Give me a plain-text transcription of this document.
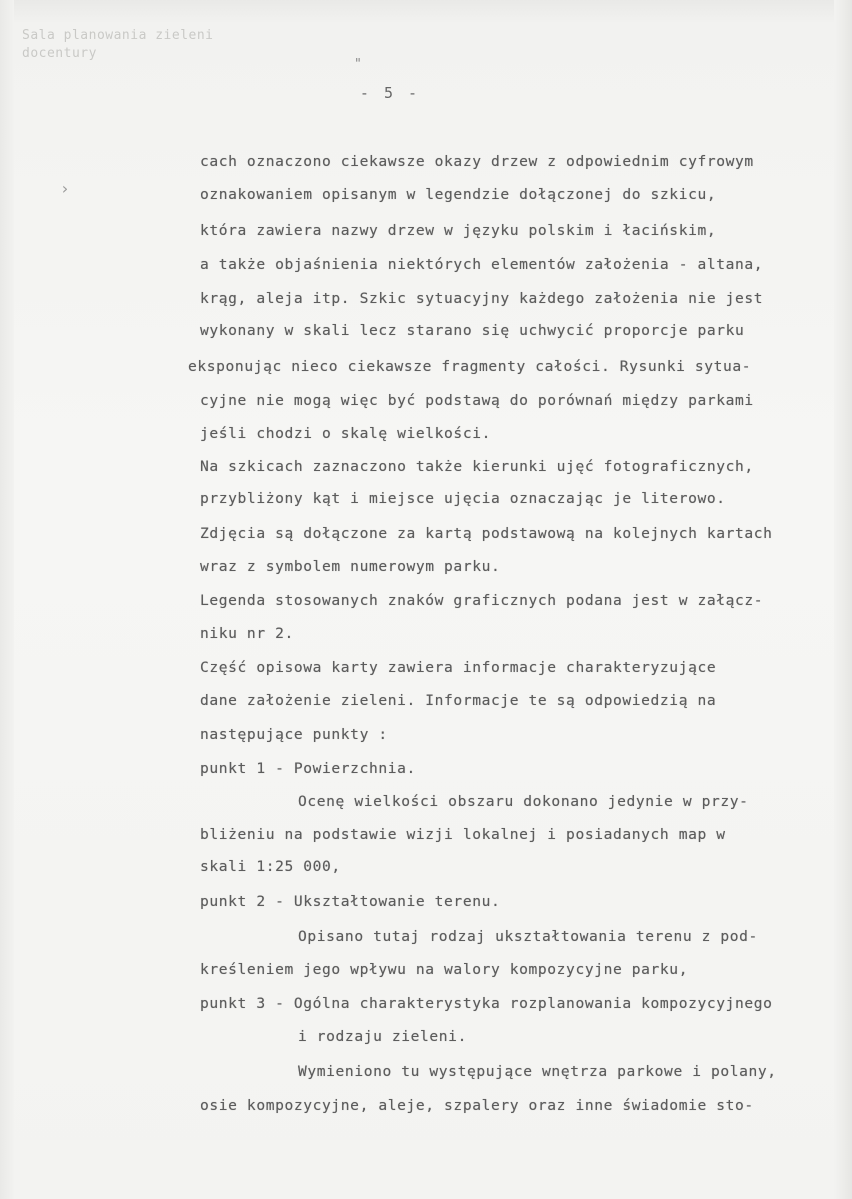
Sala planowania zieleni
docentury
"
- 5 -
›
cach oznaczono ciekawsze okazy drzew z odpowiednim cyfrowym
oznakowaniem opisanym w legendzie dołączonej do szkicu,
która zawiera nazwy drzew w języku polskim i łacińskim,
a także objaśnienia niektórych elementów założenia - altana,
krąg, aleja itp. Szkic sytuacyjny każdego założenia nie jest
wykonany w skali lecz starano się uchwycić proporcje parku
eksponując nieco ciekawsze fragmenty całości. Rysunki sytua-
cyjne nie mogą więc być podstawą do porównań między parkami
jeśli chodzi o skalę wielkości.
Na szkicach zaznaczono także kierunki ujęć fotograficznych,
przybliżony kąt i miejsce ujęcia oznaczając je literowo.
Zdjęcia są dołączone za kartą podstawową na kolejnych kartach
wraz z symbolem numerowym parku.
Legenda stosowanych znaków graficznych podana jest w załącz-
niku nr 2.
Część opisowa karty zawiera informacje charakteryzujące
dane założenie zieleni. Informacje te są odpowiedzią na
następujące punkty :
punkt 1 - Powierzchnia.
Ocenę wielkości obszaru dokonano jedynie w przy-
bliżeniu na podstawie wizji lokalnej i posiadanych map w
skali 1:25 000,
punkt 2 - Ukształtowanie terenu.
Opisano tutaj rodzaj ukształtowania terenu z pod-
kreśleniem jego wpływu na walory kompozycyjne parku,
punkt 3 - Ogólna charakterystyka rozplanowania kompozycyjnego
i rodzaju zieleni.
Wymieniono tu występujące wnętrza parkowe i polany,
osie kompozycyjne, aleje, szpalery oraz inne świadomie sto-
